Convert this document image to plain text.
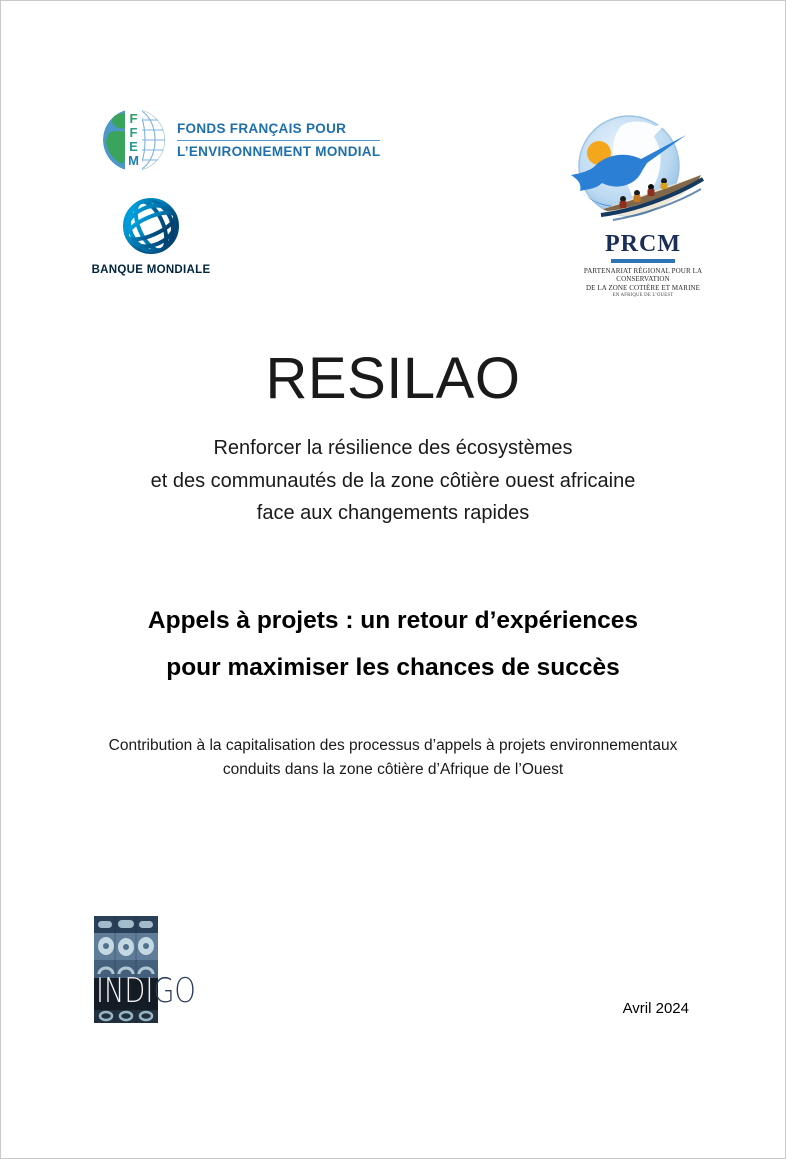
F
F
E
M
FONDS FRANÇAIS POUR
L’ENVIRONNEMENT MONDIAL
BANQUE MONDIALE
PRCM
PARTENARIAT RÉGIONAL POUR LA CONSERVATION
DE LA ZONE COTIÈRE ET MARINE
EN AFRIQUE DE L’OUEST
RESILAO
Renforcer la résilience des écosystèmes
et des communautés de la zone côtière ouest africaine
face aux changements rapides
Appels à projets : un retour d’expériences
pour maximiser les chances de succès
Contribution à la capitalisation des processus d’appels à projets environnementaux
conduits dans la zone côtière d’Afrique de l’Ouest
INDIGO	Avril 2024
